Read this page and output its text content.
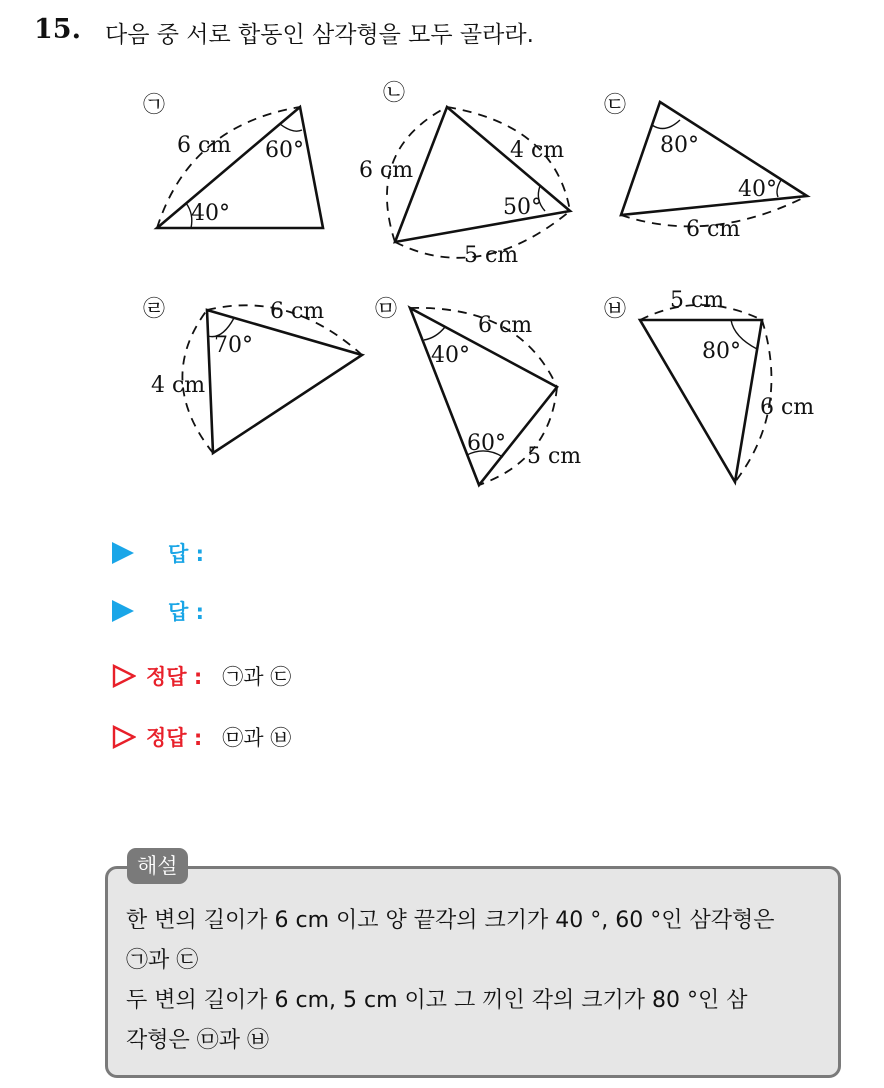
15. 다음 중 서로 합동인 삼각형을 모두 골라라.
㉠
6 cm 60°
40°
㉡
6 cm
4 cm
5 cm
50°
㉢
80°
40°
6 cm
㉣	6 cm
4 cm
70°
㉤
6 cm
5 cm
40°
60°
㉥ 5 cm
6 cm
80°
답 :
답 :
정답 : ㉠과 ㉢
정답 : ㉤과 ㉥
해설
한 변의 길이가 6 cm 이고 양 끝각의 크기가 40 °, 60 °인 삼각형은
㉠과 ㉢
두 변의 길이가 6 cm, 5 cm 이고 그 끼인 각의 크기가 80 °인 삼
각형은 ㉤과 ㉥
